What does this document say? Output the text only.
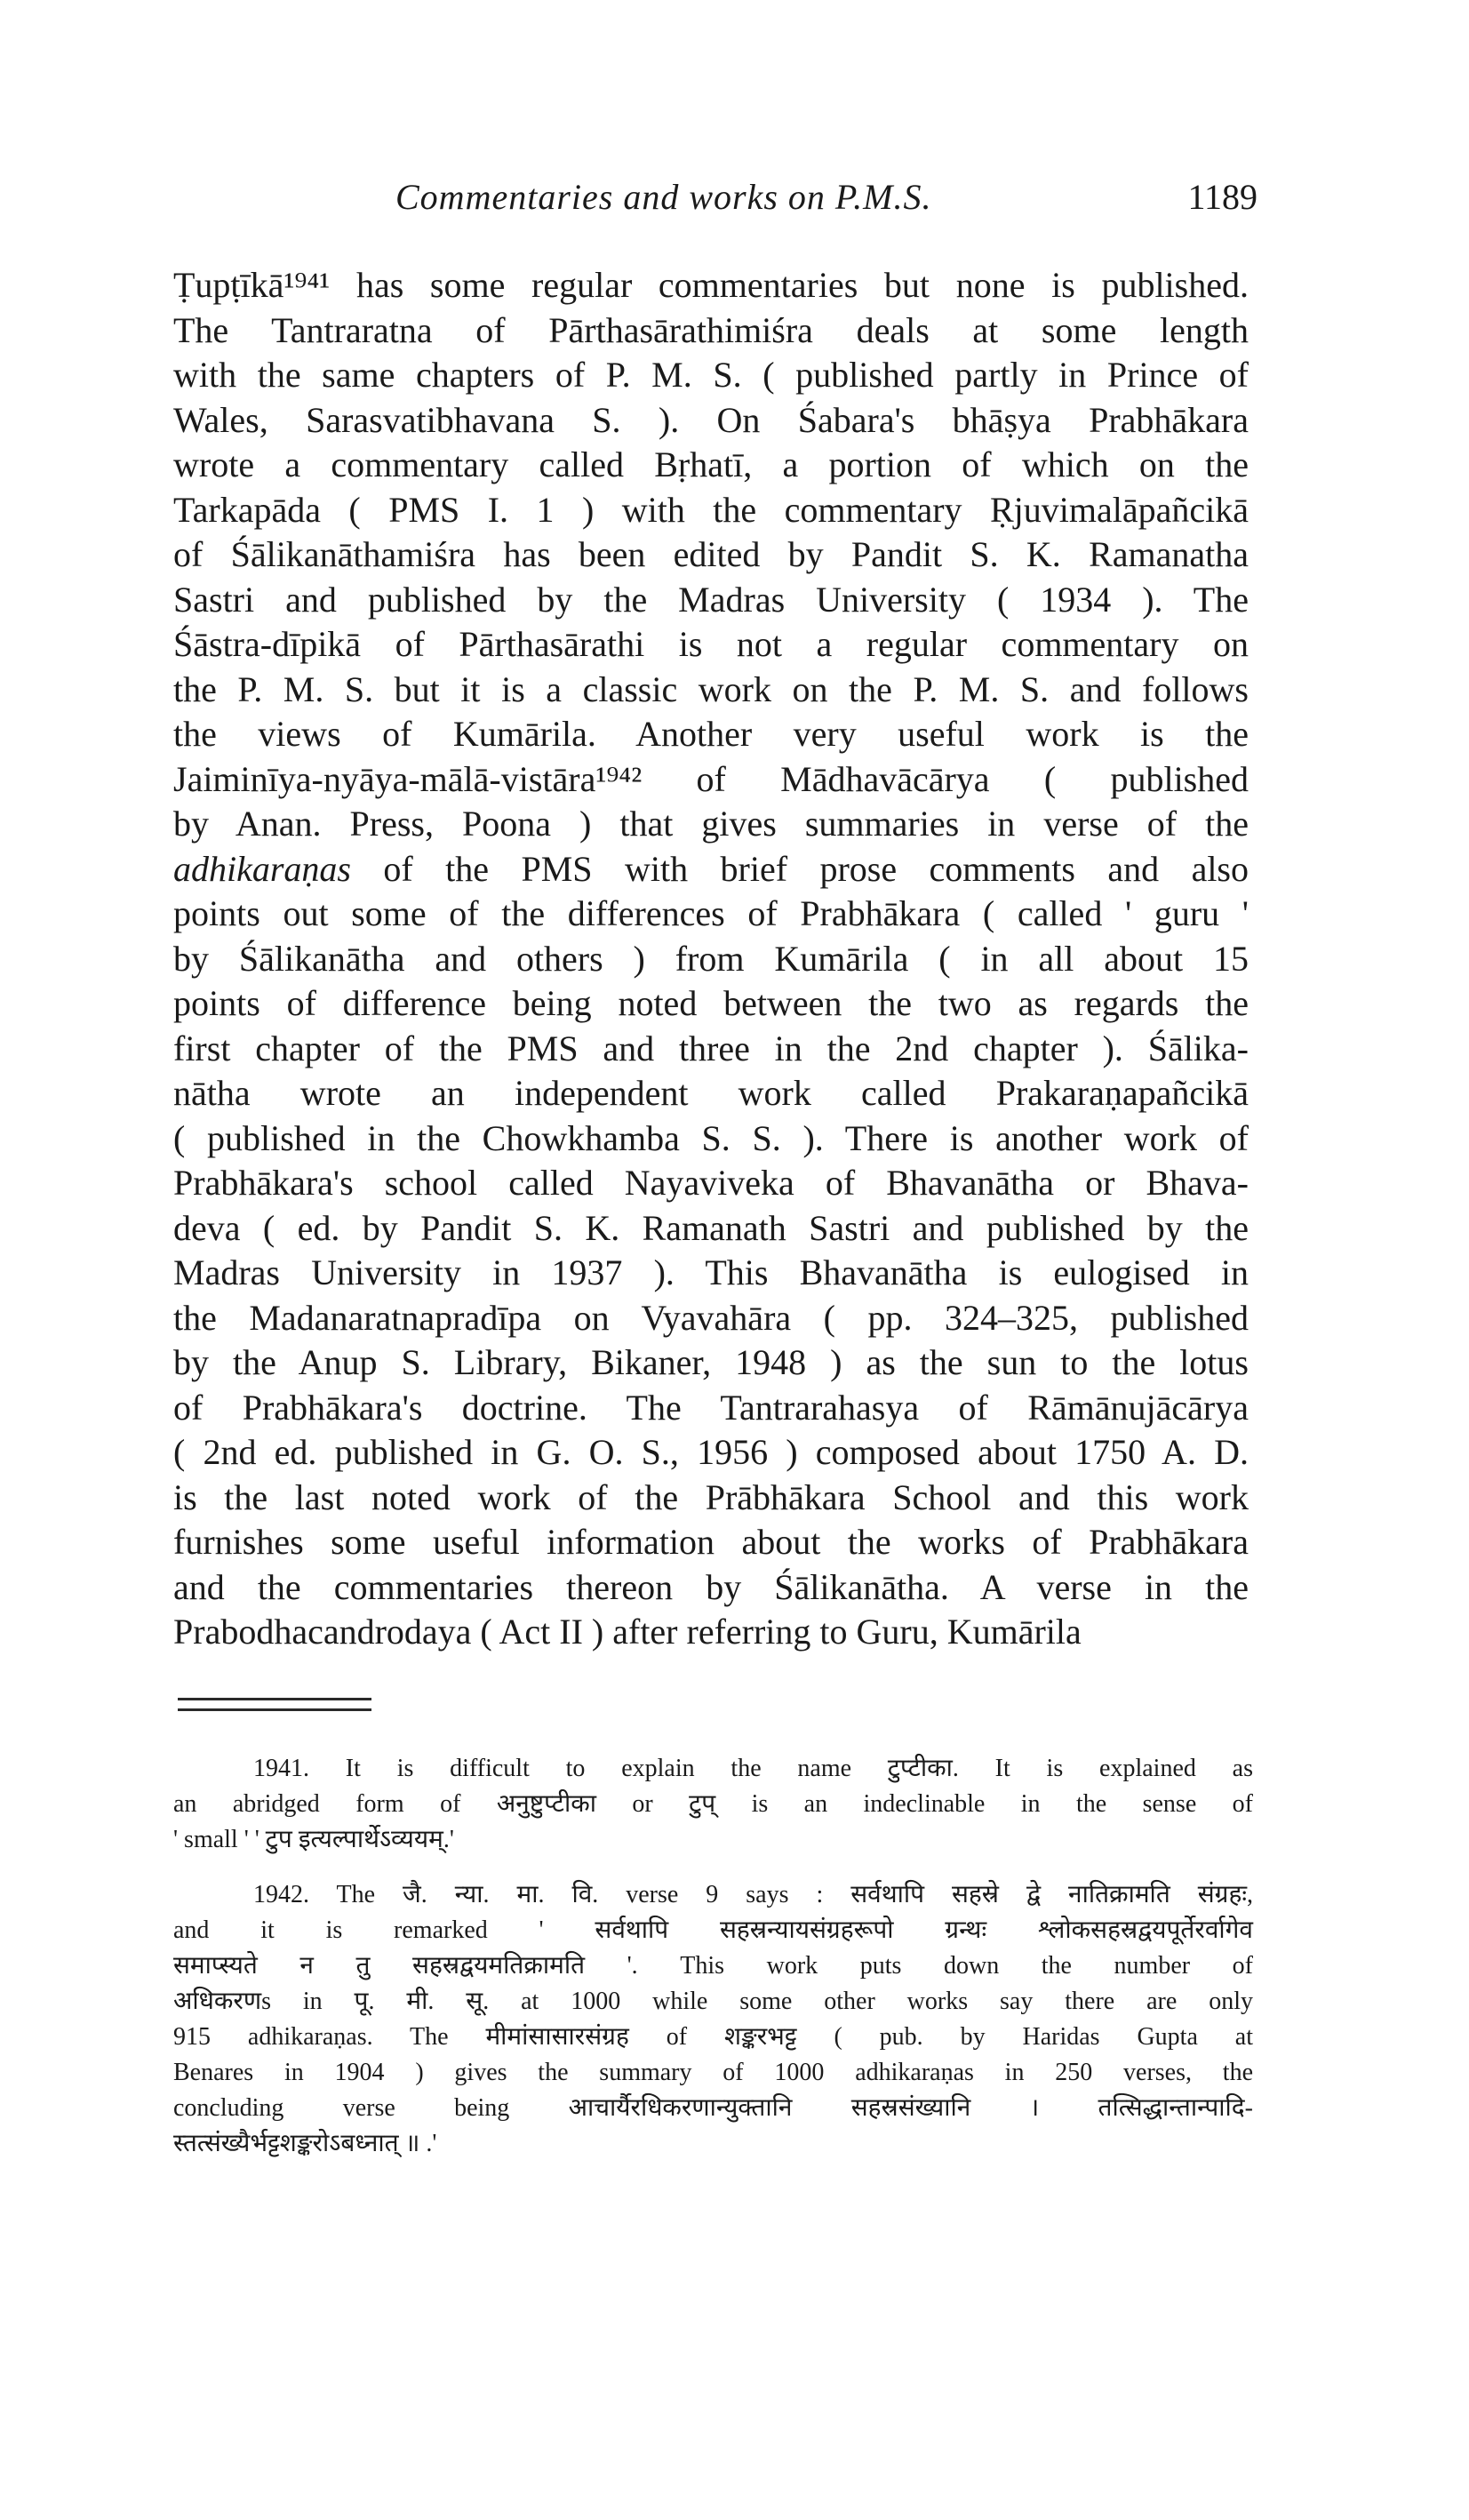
Commentaries and works on P.M.S.	1189
Ṭupṭīkā¹⁹⁴¹ has some regular commentaries but none is published.
The Tantraratna of Pārthasārathimiśra deals at some length
with the same chapters of P. M. S. ( published partly in Prince of
Wales, Sarasvatibhavana S. ). On Śabara's bhāṣya Prabhākara
wrote a commentary called Bṛhatī, a portion of which on the
Tarkapāda ( PMS I. 1 ) with the commentary Ṛjuvimalāpañcikā
of Śālikanāthamiśra has been edited by Pandit S. K. Ramanatha
Sastri and published by the Madras University ( 1934 ). The
Śāstra-dīpikā of Pārthasārathi is not a regular commentary on
the P. M. S. but it is a classic work on the P. M. S. and follows
the views of Kumārila. Another very useful work is the
Jaiminīya-nyāya-mālā-vistāra¹⁹⁴² of Mādhavācārya ( published
by Anan. Press, Poona ) that gives summaries in verse of the
adhikaraṇas of the PMS with brief prose comments and also
points out some of the differences of Prabhākara ( called ' guru '
by Śālikanātha and others ) from Kumārila ( in all about 15
points of difference being noted between the two as regards the
first chapter of the PMS and three in the 2nd chapter ). Śālika-
nātha wrote an independent work called Prakaraṇapañcikā
( published in the Chowkhamba S. S. ). There is another work of
Prabhākara's school called Nayaviveka of Bhavanātha or Bhava-
deva ( ed. by Pandit S. K. Ramanath Sastri and published by the
Madras University in 1937 ). This Bhavanātha is eulogised in
the Madanaratnapradīpa on Vyavahāra ( pp. 324–325, published
by the Anup S. Library, Bikaner, 1948 ) as the sun to the lotus
of Prabhākara's doctrine. The Tantrarahasya of Rāmānujācārya
( 2nd ed. published in G. O. S., 1956 ) composed about 1750 A. D.
is the last noted work of the Prābhākara School and this work
furnishes some useful information about the works of Prabhākara
and the commentaries thereon by Śālikanātha. A verse in the
Prabodhacandrodaya ( Act II ) after referring to Guru, Kumārila
1941. It is difficult to explain the name टुप्टीका. It is explained as
an abridged form of अनुष्टुप्टीका or टुप् is an indeclinable in the sense of
' small ' ' टुप इत्यल्पार्थेऽव्ययम्.'
1942. The जै. न्या. मा. वि. verse 9 says : सर्वथापि सहस्रे द्वे नातिक्रामति संग्रहः,
and it is remarked ' सर्वथापि सहस्रन्यायसंग्रहरूपो ग्रन्थः श्लोकसहस्रद्वयपूर्तेरर्वागेव
समाप्स्यते न तु सहस्रद्वयमतिक्रामति '. This work puts down the number of
अधिकरणs in पू. मी. सू. at 1000 while some other works say there are only
915 adhikaraṇas. The मीमांसासारसंग्रह of शङ्करभट्ट ( pub. by Haridas Gupta at
Benares in 1904 ) gives the summary of 1000 adhikaraṇas in 250 verses, the
concluding verse being आचार्यैरधिकरणान्युक्तानि सहस्रसंख्यानि । तत्सिद्धान्तान्पादि-
स्तत्संख्यैर्भट्टशङ्करोऽबध्नात् ॥ .'
